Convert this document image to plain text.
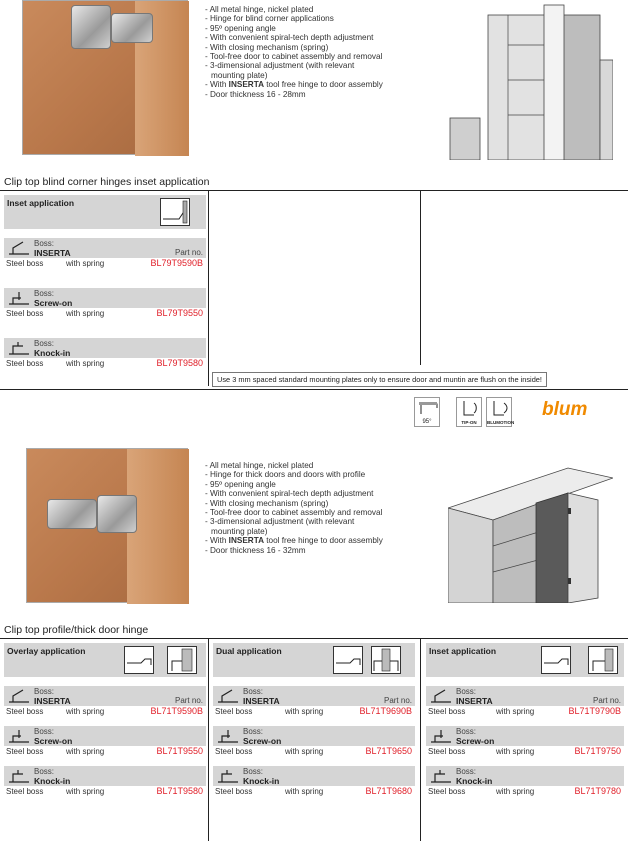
- All metal hinge, nickel plated
- Hinge for blind corner applications
- 95º opening angle
- With convenient spiral-tech depth adjustment
- With closing mechanism (spring)
- Tool-free door to cabinet assembly and removal
- 3-dimensional adjustment (with relevant
mounting plate)
- With INSERTA tool free hinge to door assembly
- Door thickness 16 - 28mm
Clip top blind corner hinges inset application
Inset application
Boss:
INSERTA	Part no.
Steel boss	with spring	BL79T9590B
Boss:
Screw-on
Steel boss	with spring	BL79T9550
Boss:
Knock-in
Steel boss	with spring	BL79T9580
Use 3 mm spaced standard mounting plates only to ensure door and muntin are flush on the inside!
95°	TIP-ON	BLUMOTION
blum
- All metal hinge, nickel plated
- Hinge for thick doors and doors with profile
- 95º opening angle
- With convenient spiral-tech depth adjustment
- With closing mechanism (spring)
- Tool-free door to cabinet assembly and removal
- 3-dimensional adjustment (with relevant
mounting plate)
- With INSERTA tool free hinge to door assembly
- Door thickness 16 - 32mm
Clip top profile/thick door hinge
Overlay application
Boss:
INSERTA	Part no.
Steel boss	with spring	BL71T9590B
Boss:
Screw-on
Steel boss	with spring	BL71T9550
Boss:
Knock-in
Steel boss	with spring	BL71T9580
Dual application
Boss:
INSERTA	Part no.
Steel boss	with spring	BL71T9690B
Boss:
Screw-on
Steel boss	with spring	BL71T9650
Boss:
Knock-in
Steel boss	with spring	BL71T9680
Inset application
Boss:
INSERTA	Part no.
Steel boss	with spring	BL71T9790B
Boss:
Screw-on
Steel boss	with spring	BL71T9750
Boss:
Knock-in
Steel boss	with spring	BL71T9780
